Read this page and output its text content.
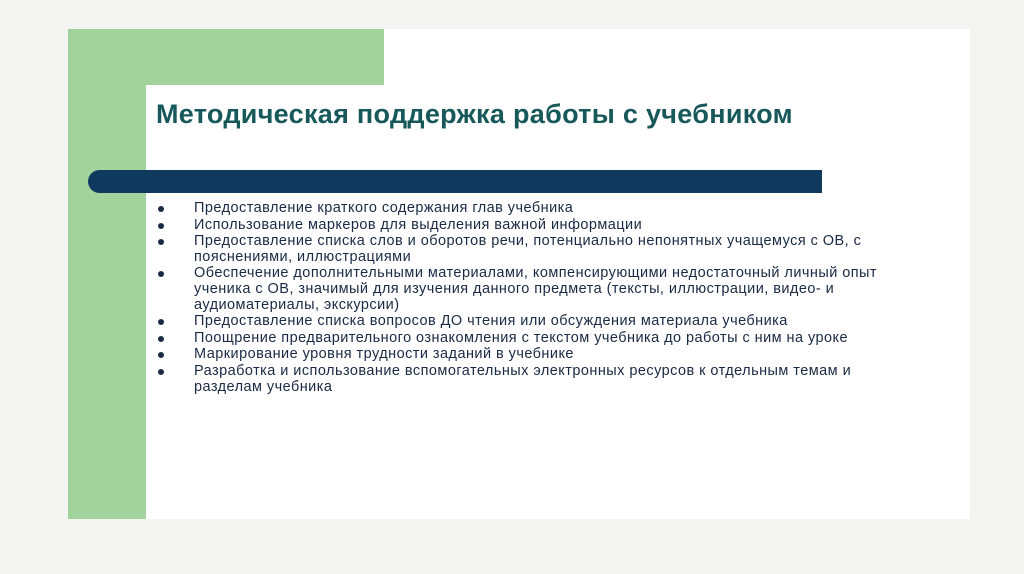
Методическая поддержка работы с учебником
Предоставление краткого содержания глав учебника
Использование маркеров для выделения важной информации
Предоставление списка слов и оборотов речи, потенциально непонятных учащемуся с ОВ, с пояснениями, иллюстрациями
Обеспечение дополнительными материалами, компенсирующими недостаточный личный опыт ученика с ОВ, значимый для изучения данного предмета (тексты, иллюстрации, видео- и аудиоматериалы, экскурсии)
Предоставление списка вопросов ДО чтения или обсуждения материала учебника
Поощрение предварительного ознакомления с текстом учебника до работы с ним на уроке
Маркирование уровня трудности заданий в учебнике
Разработка и использование вспомогательных электронных ресурсов к отдельным темам и разделам учебника
